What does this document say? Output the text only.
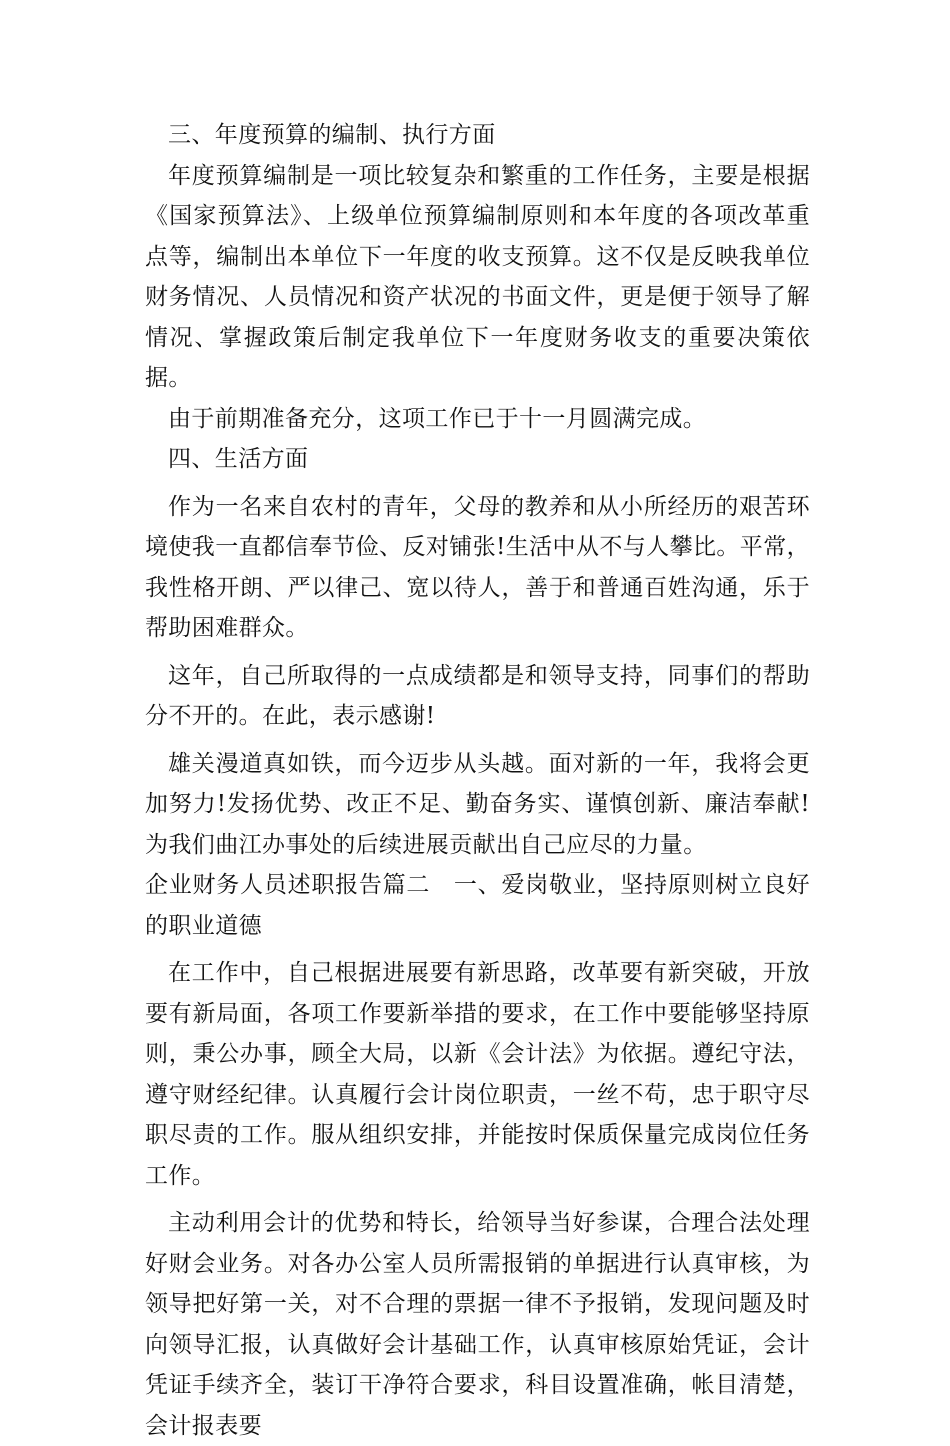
三、年度预算的编制、执行方面

年度预算编制是一项比较复杂和繁重的工作任务，主要是根据《国家预算法》、上级单位预算编制原则和本年度的各项改革重点等，编制出本单位下一年度的收支预算。这不仅是反映我单位财务情况、人员情况和资产状况的书面文件，更是便于领导了解情况、掌握政策后制定我单位下一年度财务收支的重要决策依据。

由于前期准备充分，这项工作已于十一月圆满完成。

四、生活方面

作为一名来自农村的青年，父母的教养和从小所经历的艰苦环境使我一直都信奉节俭、反对铺张!生活中从不与人攀比。平常，我性格开朗、严以律己、宽以待人，善于和普通百姓沟通，乐于帮助困难群众。

这年，自己所取得的一点成绩都是和领导支持，同事们的帮助分不开的。在此，表示感谢!

雄关漫道真如铁，而今迈步从头越。面对新的一年，我将会更加努力!发扬优势、改正不足、勤奋务实、谨慎创新、廉洁奉献!为我们曲江办事处的后续进展贡献出自己应尽的力量。

企业财务人员述职报告篇二　一、爱岗敬业，坚持原则树立良好的职业道德

在工作中，自己根据进展要有新思路，改革要有新突破，开放要有新局面，各项工作要新举措的要求，在工作中要能够坚持原则，秉公办事，顾全大局，以新《会计法》为依据。遵纪守法，遵守财经纪律。认真履行会计岗位职责，一丝不苟，忠于职守尽职尽责的工作。服从组织安排，并能按时保质保量完成岗位任务工作。

主动利用会计的优势和特长，给领导当好参谋，合理合法处理好财会业务。对各办公室人员所需报销的单据进行认真审核，为领导把好第一关，对不合理的票据一律不予报销，发现问题及时向领导汇报，认真做好会计基础工作，认真审核原始凭证，会计凭证手续齐全，装订干净符合要求，科目设置准确，帐目清楚，会计报表要
